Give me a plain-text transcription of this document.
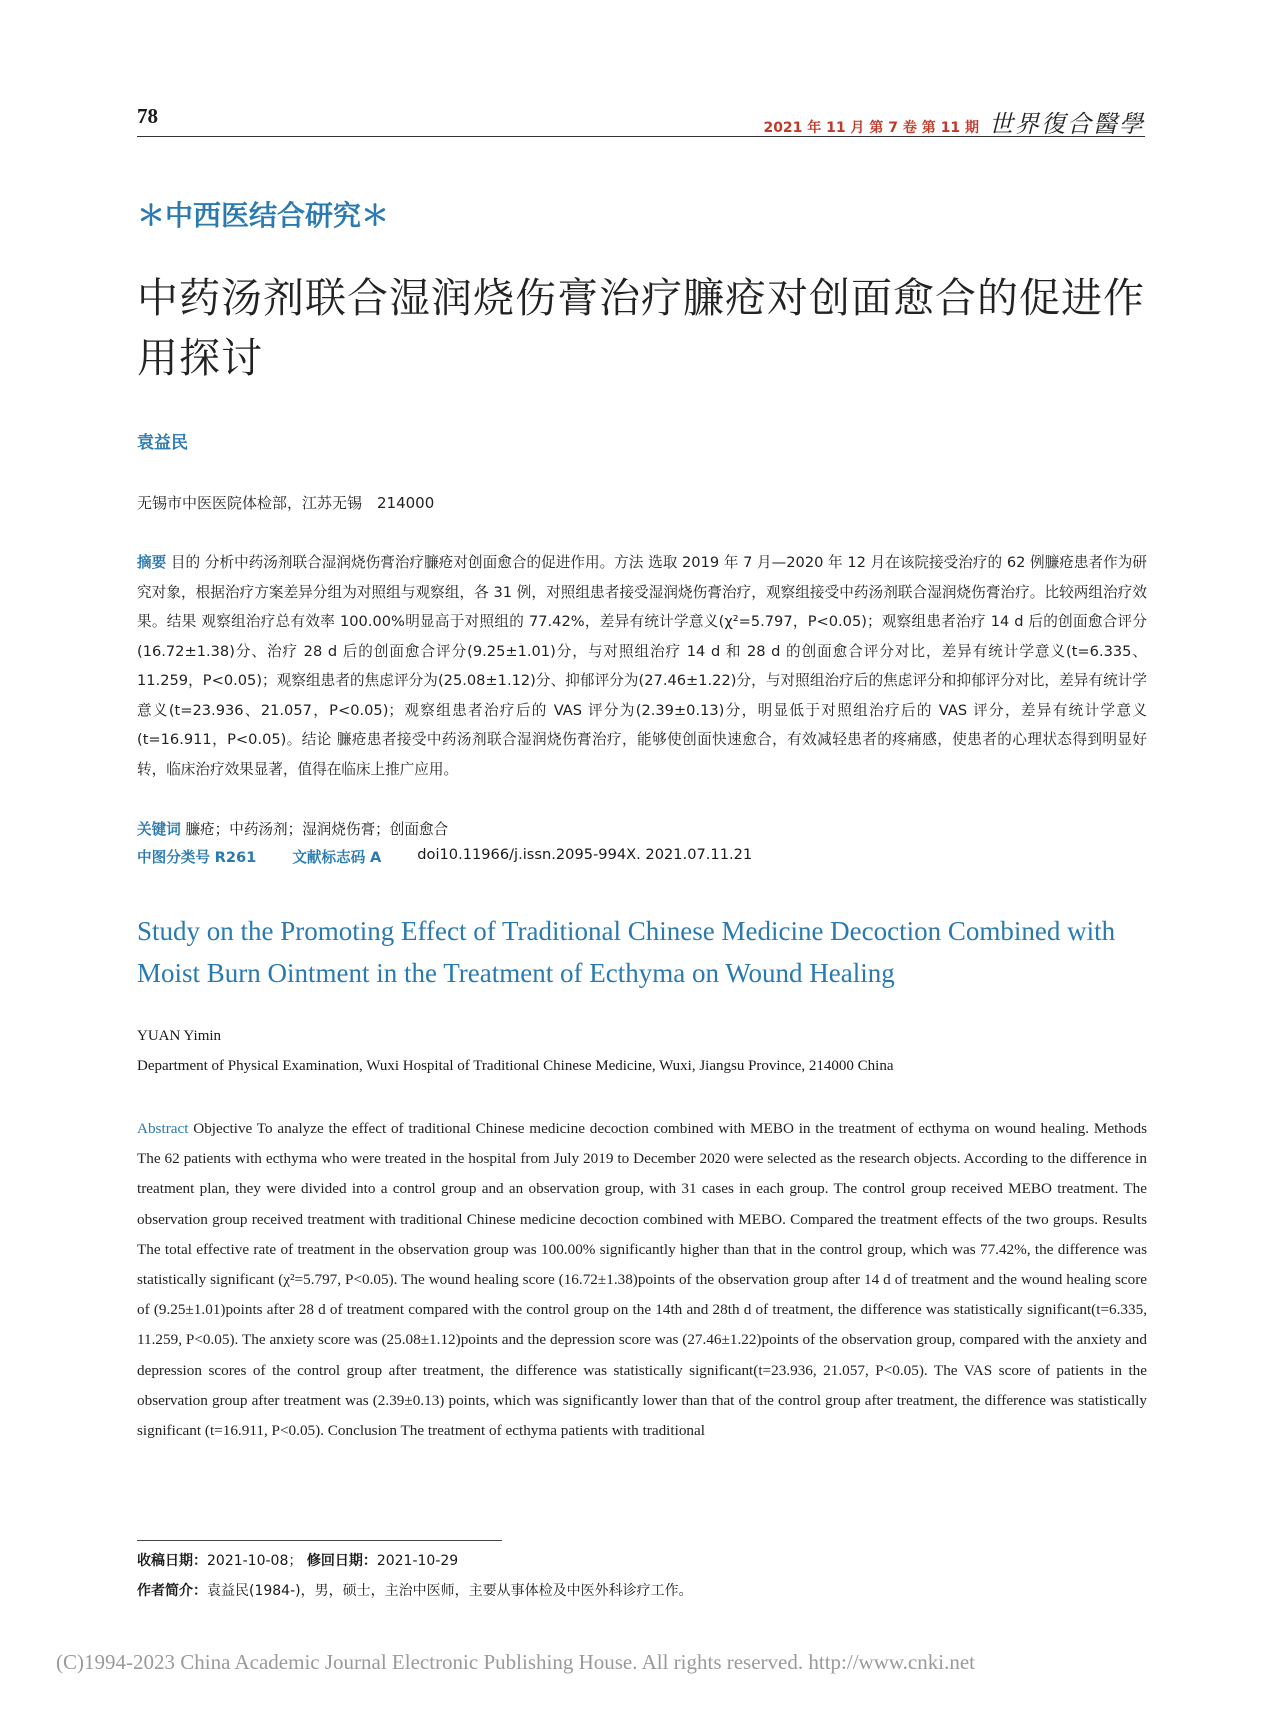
78	2021 年 11 月 第 7 卷 第 11 期 世界復合醫學
＊中西医结合研究＊
中药汤剂联合湿润烧伤膏治疗臁疮对创面愈合的促进作用探讨
袁益民
无锡市中医医院体检部，江苏无锡　214000
摘要 目的 分析中药汤剂联合湿润烧伤膏治疗臁疮对创面愈合的促进作用。方法 选取 2019 年 7 月—2020 年 12 月在该院接受治疗的 62 例臁疮患者作为研究对象，根据治疗方案差异分组为对照组与观察组，各 31 例，对照组患者接受湿润烧伤膏治疗，观察组接受中药汤剂联合湿润烧伤膏治疗。比较两组治疗效果。结果 观察组治疗总有效率 100.00%明显高于对照组的 77.42%，差异有统计学意义(χ²=5.797，P<0.05)；观察组患者治疗 14 d 后的创面愈合评分(16.72±1.38)分、治疗 28 d 后的创面愈合评分(9.25±1.01)分，与对照组治疗 14 d 和 28 d 的创面愈合评分对比，差异有统计学意义(t=6.335、11.259，P<0.05)；观察组患者的焦虑评分为(25.08±1.12)分、抑郁评分为(27.46±1.22)分，与对照组治疗后的焦虑评分和抑郁评分对比，差异有统计学意义(t=23.936、21.057，P<0.05)；观察组患者治疗后的 VAS 评分为(2.39±0.13)分，明显低于对照组治疗后的 VAS 评分，差异有统计学意义(t=16.911，P<0.05)。结论 臁疮患者接受中药汤剂联合湿润烧伤膏治疗，能够使创面快速愈合，有效减轻患者的疼痛感，使患者的心理状态得到明显好转，临床治疗效果显著，值得在临床上推广应用。
关键词 臁疮；中药汤剂；湿润烧伤膏；创面愈合
中图分类号 R261 文献标志码 A doi10.11966/j.issn.2095-994X. 2021.07.11.21
Study on the Promoting Effect of Traditional Chinese Medicine Decoction Combined with Moist Burn Ointment in the Treatment of Ecthyma on Wound Healing
YUAN Yimin
Department of Physical Examination, Wuxi Hospital of Traditional Chinese Medicine, Wuxi, Jiangsu Province, 214000 China
Abstract Objective To analyze the effect of traditional Chinese medicine decoction combined with MEBO in the treatment of ecthyma on wound healing. Methods The 62 patients with ecthyma who were treated in the hospital from July 2019 to December 2020 were selected as the research objects. According to the difference in treatment plan, they were divided into a control group and an observation group, with 31 cases in each group. The control group received MEBO treatment. The observation group received treatment with traditional Chinese medicine decoction combined with MEBO. Compared the treatment effects of the two groups. Results The total effective rate of treatment in the observation group was 100.00% significantly higher than that in the control group, which was 77.42%, the difference was statistically significant (χ²=5.797, P<0.05). The wound healing score (16.72±1.38)points of the observation group after 14 d of treatment and the wound healing score of (9.25±1.01)points after 28 d of treatment compared with the control group on the 14th and 28th d of treatment, the difference was statistically significant(t=6.335, 11.259, P<0.05). The anxiety score was (25.08±1.12)points and the depression score was (27.46±1.22)points of the observation group, compared with the anxiety and depression scores of the control group after treatment, the difference was statistically significant(t=23.936, 21.057, P<0.05). The VAS score of patients in the observation group after treatment was (2.39±0.13) points, which was significantly lower than that of the control group after treatment, the difference was statistically significant (t=16.911, P<0.05). Conclusion The treatment of ecthyma patients with traditional
收稿日期：2021-10-08； 修回日期：2021-10-29
作者简介：袁益民(1984-)，男，硕士，主治中医师，主要从事体检及中医外科诊疗工作。
(C)1994-2023 China Academic Journal Electronic Publishing House. All rights reserved. http://www.cnki.net
